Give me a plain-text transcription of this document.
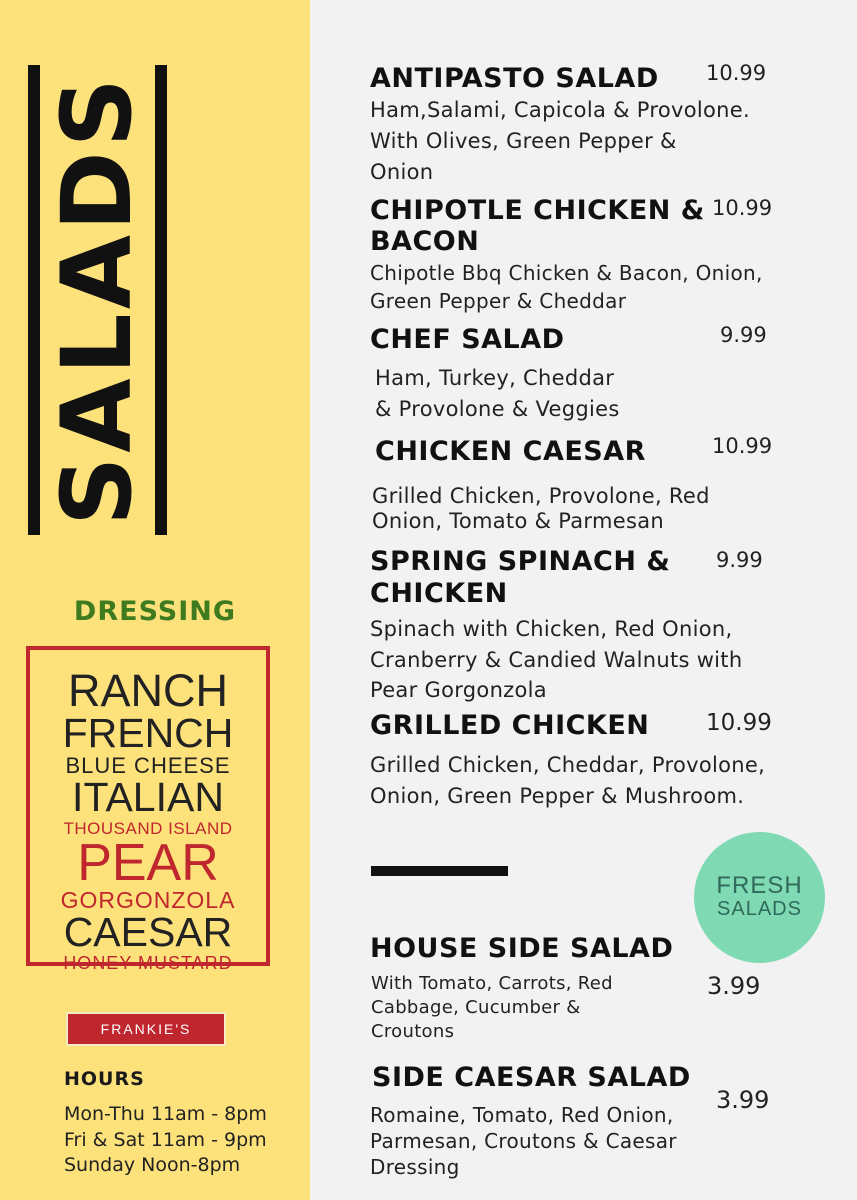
SALADS
DRESSING
RANCH
FRENCH
BLUE CHEESE
ITALIAN
THOUSAND ISLAND
PEAR
GORGONZOLA
CAESAR
HONEY MUSTARD
FRANKIE'S
HOURS
Mon-Thu 11am - 8pm
Fri & Sat 11am - 9pm
Sunday Noon-8pm
ANTIPASTO SALAD 10.99
Ham,Salami, Capicola & Provolone.
With Olives, Green Pepper &
Onion
CHIPOTLE CHICKEN &
BACON
10.99
Chipotle Bbq Chicken & Bacon, Onion,
Green Pepper & Cheddar
CHEF SALAD	9.99
Ham, Turkey, Cheddar
& Provolone & Veggies
CHICKEN CAESAR	10.99
Grilled Chicken, Provolone, Red
Onion, Tomato & Parmesan
SPRING SPINACH &
CHICKEN
9.99
Spinach with Chicken, Red Onion,
Cranberry & Candied Walnuts with
Pear Gorgonzola
GRILLED CHICKEN 10.99
Grilled Chicken, Cheddar, Provolone,
Onion, Green Pepper & Mushroom.
FRESH
SALADS
HOUSE SIDE SALAD
3.99
With Tomato, Carrots, Red
Cabbage, Cucumber &
Croutons
SIDE CAESAR SALAD
3.99
Romaine, Tomato, Red Onion,
Parmesan, Croutons & Caesar
Dressing
